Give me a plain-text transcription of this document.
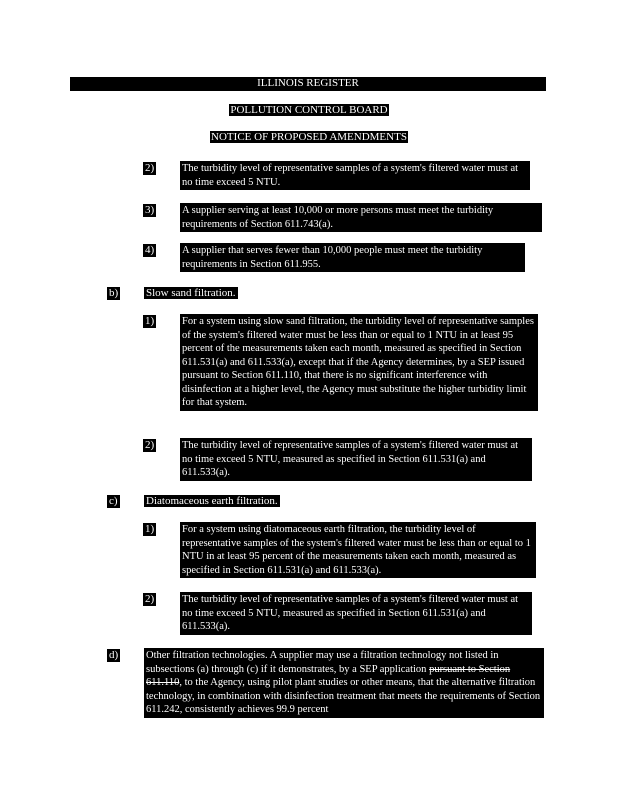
ILLINOIS REGISTER
POLLUTION CONTROL BOARD
NOTICE OF PROPOSED AMENDMENTS
2)	The turbidity level of representative samples of a system's filtered water must at no time exceed 5 NTU.
3)	A supplier serving at least 10,000 or more persons must meet the turbidity requirements of Section 611.743(a).
4)	A supplier that serves fewer than 10,000 people must meet the turbidity requirements in Section 611.955.
b)	Slow sand filtration.
1)	For a system using slow sand filtration, the turbidity level of representative samples of the system's filtered water must be less than or equal to 1 NTU in at least 95 percent of the measurements taken each month, measured as specified in Section 611.531(a) and 611.533(a), except that if the Agency determines, by a SEP issued pursuant to Section 611.110, that there is no significant interference with disinfection at a higher level, the Agency must substitute the higher turbidity limit for that system.
2)	The turbidity level of representative samples of a system's filtered water must at no time exceed 5 NTU, measured as specified in Section 611.531(a) and 611.533(a).
c)	Diatomaceous earth filtration.
1)	For a system using diatomaceous earth filtration, the turbidity level of representative samples of the system's filtered water must be less than or equal to 1 NTU in at least 95 percent of the measurements taken each month, measured as specified in Section 611.531(a) and 611.533(a).
2)	The turbidity level of representative samples of a system's filtered water must at no time exceed 5 NTU, measured as specified in Section 611.531(a) and 611.533(a).
d)	Other filtration technologies. A supplier may use a filtration technology not listed in subsections (a) through (c) if it demonstrates, by a SEP application pursuant to Section 611.110, to the Agency, using pilot plant studies or other means, that the alternative filtration technology, in combination with disinfection treatment that meets the requirements of Section 611.242, consistently achieves 99.9 percent
